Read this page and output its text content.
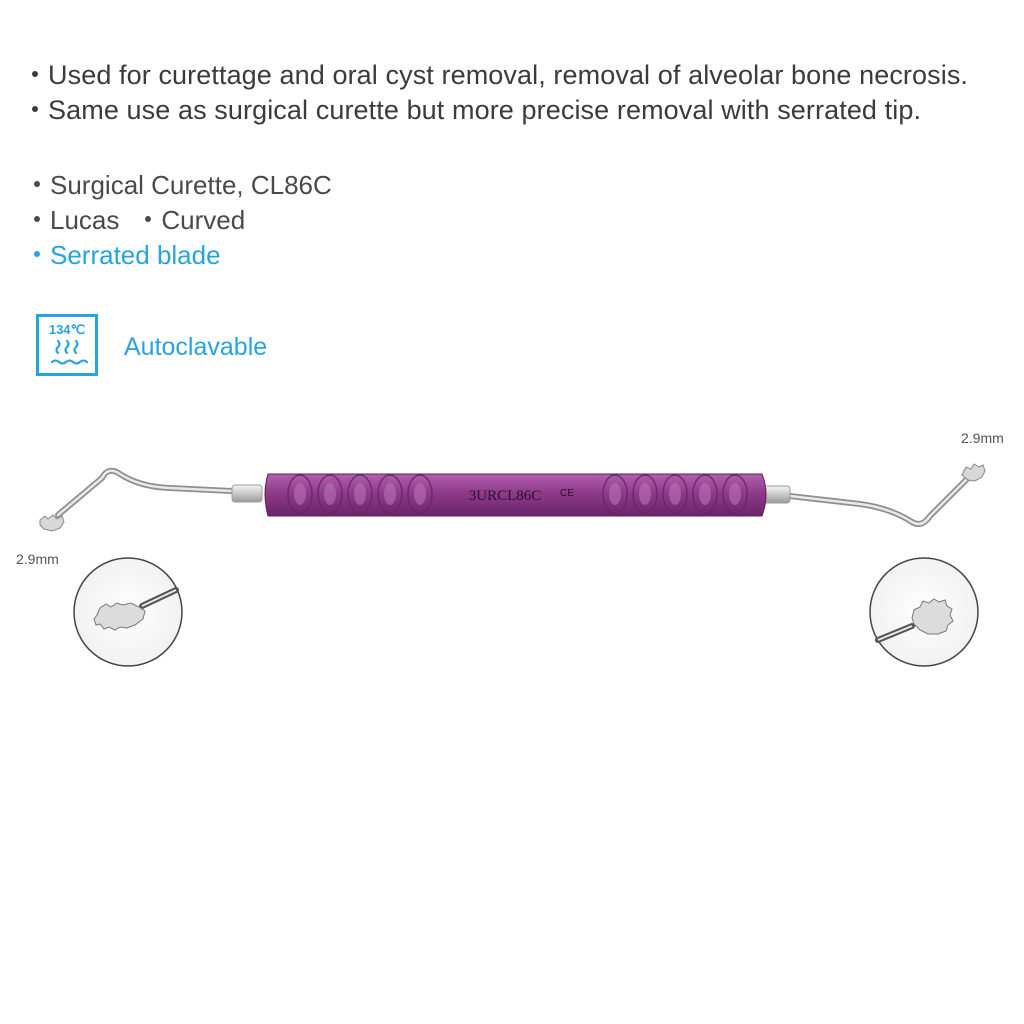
Used for curettage and oral cyst removal, removal of alveolar bone necrosis.
Same use as surgical curette but more precise removal with serrated tip.
Surgical Curette, CL86C
Lucas Curved
Serrated blade
134℃
Autoclavable
2.9mm
2.9mm
3URCL86C CE
